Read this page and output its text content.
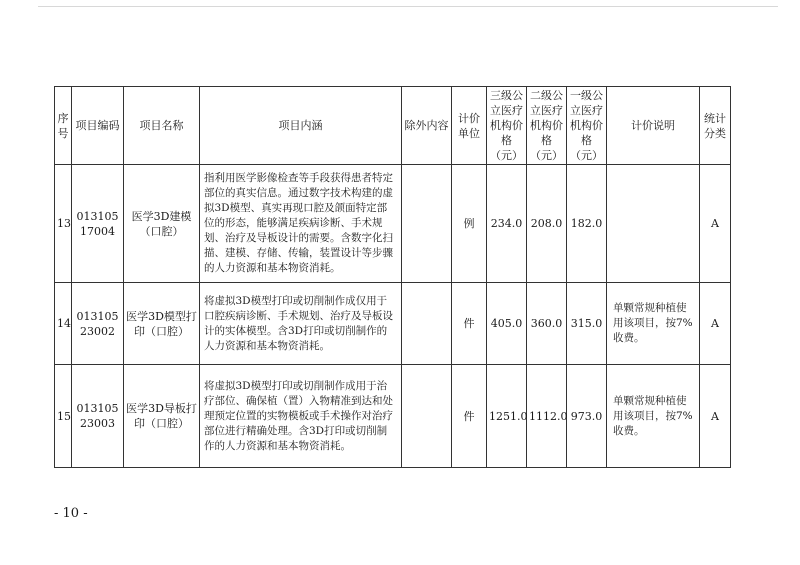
序号	项目编码	项目名称	项目内涵	除外内容	计价单位	三级公立医疗机构价格（元）	二级公立医疗机构价格（元）	一级公立医疗机构价格（元）	计价说明	统计分类
13	01310517004	医学3D建模（口腔）	指利用医学影像检查等手段获得患者特定部位的真实信息。通过数字技术构建的虚拟3D模型、真实再现口腔及颌面特定部位的形态，能够满足疾病诊断、手术规划、治疗及导板设计的需要。含数字化扫描、建模、存储、传输，装置设计等步骤的人力资源和基本物资消耗。		例	234.0	208.0	182.0		A
14	01310523002	医学3D模型打印（口腔）	将虚拟3D模型打印或切削制作成仅用于口腔疾病诊断、手术规划、治疗及导板设计的实体模型。含3D打印或切削制作的人力资源和基本物资消耗。		件	405.0	360.0	315.0	单颗常规种植使用该项目，按7%收费。	A
15	01310523003	医学3D导板打印（口腔）	将虚拟3D模型打印或切削制作成用于治疗部位、确保植（置）入物精准到达和处理预定位置的实物模板或手术操作对治疗部位进行精确处理。含3D打印或切削制作的人力资源和基本物资消耗。		件	1251.0	1112.0	973.0	单颗常规种植使用该项目，按7%收费。	A
- 10 -
